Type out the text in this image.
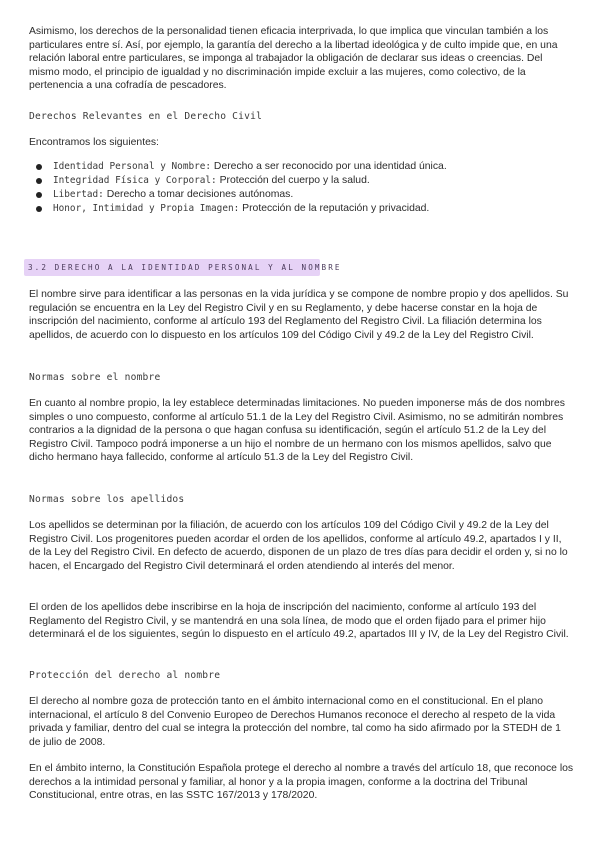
Asimismo, los derechos de la personalidad tienen eficacia interprivada, lo que implica que vinculan también a los particulares entre sí. Así, por ejemplo, la garantía del derecho a la libertad ideológica y de culto impide que, en una relación laboral entre particulares, se imponga al trabajador la obligación de declarar sus ideas o creencias. Del mismo modo, el principio de igualdad y no discriminación impide excluir a las mujeres, como colectivo, de la pertenencia a una cofradía de pescadores.

Derechos Relevantes en el Derecho Civil

Encontramos los siguientes:

Identidad Personal y Nombre: Derecho a ser reconocido por una identidad única.
Integridad Física y Corporal: Protección del cuerpo y la salud.
Libertad: Derecho a tomar decisiones autónomas.
Honor, Intimidad y Propia Imagen: Protección de la reputación y privacidad.
3.2 DERECHO A LA IDENTIDAD PERSONAL Y AL NOMBRE

El nombre sirve para identificar a las personas en la vida jurídica y se compone de nombre propio y dos apellidos. Su regulación se encuentra en la Ley del Registro Civil y en su Reglamento, y debe hacerse constar en la hoja de inscripción del nacimiento, conforme al artículo 193 del Reglamento del Registro Civil. La filiación determina los apellidos, de acuerdo con lo dispuesto en los artículos 109 del Código Civil y 49.2 de la Ley del Registro Civil.

Normas sobre el nombre

En cuanto al nombre propio, la ley establece determinadas limitaciones. No pueden imponerse más de dos nombres simples o uno compuesto, conforme al artículo 51.1 de la Ley del Registro Civil. Asimismo, no se admitirán nombres contrarios a la dignidad de la persona o que hagan confusa su identificación, según el artículo 51.2 de la Ley del Registro Civil. Tampoco podrá imponerse a un hijo el nombre de un hermano con los mismos apellidos, salvo que dicho hermano haya fallecido, conforme al artículo 51.3 de la Ley del Registro Civil.

Normas sobre los apellidos

Los apellidos se determinan por la filiación, de acuerdo con los artículos 109 del Código Civil y 49.2 de la Ley del Registro Civil. Los progenitores pueden acordar el orden de los apellidos, conforme al artículo 49.2, apartados I y II, de la Ley del Registro Civil. En defecto de acuerdo, disponen de un plazo de tres días para decidir el orden y, si no lo hacen, el Encargado del Registro Civil determinará el orden atendiendo al interés del menor.

El orden de los apellidos debe inscribirse en la hoja de inscripción del nacimiento, conforme al artículo 193 del Reglamento del Registro Civil, y se mantendrá en una sola línea, de modo que el orden fijado para el primer hijo determinará el de los siguientes, según lo dispuesto en el artículo 49.2, apartados III y IV, de la Ley del Registro Civil.

Protección del derecho al nombre

El derecho al nombre goza de protección tanto en el ámbito internacional como en el constitucional. En el plano internacional, el artículo 8 del Convenio Europeo de Derechos Humanos reconoce el derecho al respeto de la vida privada y familiar, dentro del cual se integra la protección del nombre, tal como ha sido afirmado por la STEDH de 1 de julio de 2008.

En el ámbito interno, la Constitución Española protege el derecho al nombre a través del artículo 18, que reconoce los derechos a la intimidad personal y familiar, al honor y a la propia imagen, conforme a la doctrina del Tribunal Constitucional, entre otras, en las SSTC 167/2013 y 178/2020.
